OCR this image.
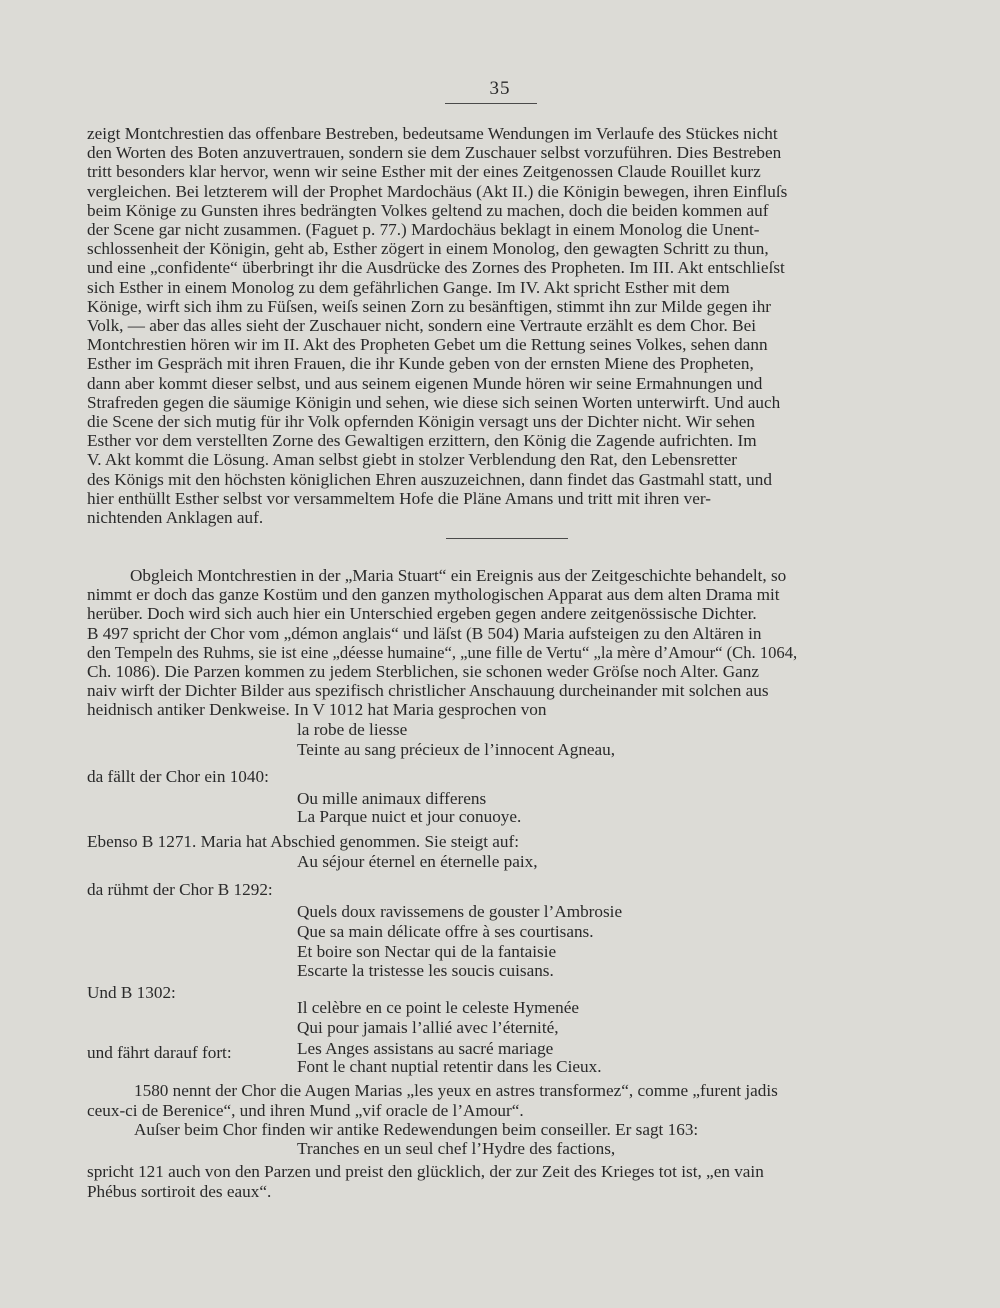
35

zeigt Montchrestien das offenbare Bestreben, bedeutsame Wendungen im Verlaufe des Stückes nicht

den Worten des Boten anzuvertrauen, sondern sie dem Zuschauer selbst vorzuführen. Dies Bestreben

tritt besonders klar hervor, wenn wir seine Esther mit der eines Zeitgenossen Claude Rouillet kurz

vergleichen. Bei letzterem will der Prophet Mardochäus (Akt II.) die Königin bewegen, ihren Einfluſs

beim Könige zu Gunsten ihres bedrängten Volkes geltend zu machen, doch die beiden kommen auf

der Scene gar nicht zusammen. (Faguet p. 77.) Mardochäus beklagt in einem Monolog die Unent-

schlossenheit der Königin, geht ab, Esther zögert in einem Monolog, den gewagten Schritt zu thun,

und eine „confidente“ überbringt ihr die Ausdrücke des Zornes des Propheten. Im III. Akt entschlieſst

sich Esther in einem Monolog zu dem gefährlichen Gange. Im IV. Akt spricht Esther mit dem

Könige, wirft sich ihm zu Füſsen, weiſs seinen Zorn zu besänftigen, stimmt ihn zur Milde gegen ihr

Volk, — aber das alles sieht der Zuschauer nicht, sondern eine Vertraute erzählt es dem Chor. Bei

Montchrestien hören wir im II. Akt des Propheten Gebet um die Rettung seines Volkes, sehen dann

Esther im Gespräch mit ihren Frauen, die ihr Kunde geben von der ernsten Miene des Propheten,

dann aber kommt dieser selbst, und aus seinem eigenen Munde hören wir seine Ermahnungen und

Strafreden gegen die säumige Königin und sehen, wie diese sich seinen Worten unterwirft. Und auch

die Scene der sich mutig für ihr Volk opfernden Königin versagt uns der Dichter nicht. Wir sehen

Esther vor dem verstellten Zorne des Gewaltigen erzittern, den König die Zagende aufrichten. Im

V. Akt kommt die Lösung. Aman selbst giebt in stolzer Verblendung den Rat, den Lebensretter

des Königs mit den höchsten königlichen Ehren auszuzeichnen, dann findet das Gastmahl statt, und

hier enthüllt Esther selbst vor versammeltem Hofe die Pläne Amans und tritt mit ihren ver-

nichtenden Anklagen auf.

Obgleich Montchrestien in der „Maria Stuart“ ein Ereignis aus der Zeitgeschichte behandelt, so

nimmt er doch das ganze Kostüm und den ganzen mythologischen Apparat aus dem alten Drama mit

herüber. Doch wird sich auch hier ein Unterschied ergeben gegen andere zeitgenössische Dichter.

B 497 spricht der Chor vom „démon anglais“ und läſst (B 504) Maria aufsteigen zu den Altären in

den Tempeln des Ruhms, sie ist eine „déesse humaine“, „une fille de Vertu“ „la mère d’Amour“ (Ch. 1064,

Ch. 1086). Die Parzen kommen zu jedem Sterblichen, sie schonen weder Gröſse noch Alter. Ganz

naiv wirft der Dichter Bilder aus spezifisch christlicher Anschauung durcheinander mit solchen aus

heidnisch antiker Denkweise. In V 1012 hat Maria gesprochen von

la robe de liesse
Teinte au sang précieux de l’innocent Agneau,
da fällt der Chor ein 1040:
Ou mille animaux differens
La Parque nuict et jour conuoye.
Ebenso B 1271. Maria hat Abschied genommen. Sie steigt auf:
Au séjour éternel en éternelle paix,
da rühmt der Chor B 1292:
Quels doux ravissemens de gouster l’Ambrosie
Que sa main délicate offre à ses courtisans.
Et boire son Nectar qui de la fantaisie
Escarte la tristesse les soucis cuisans.
Und B 1302:
Il celèbre en ce point le celeste Hymenée
Qui pour jamais l’allié avec l’éternité,
und fährt darauf fort:	Les Anges assistans au sacré mariage
Font le chant nuptial retentir dans les Cieux.
1580 nennt der Chor die Augen Marias „les yeux en astres transformez“, comme „furent jadis
ceux-ci de Berenice“, und ihren Mund „vif oracle de l’Amour“.
Auſser beim Chor finden wir antike Redewendungen beim conseiller. Er sagt 163:
Tranches en un seul chef l’Hydre des factions,
spricht 121 auch von den Parzen und preist den glücklich, der zur Zeit des Krieges tot ist, „en vain
Phébus sortiroit des eaux“.
